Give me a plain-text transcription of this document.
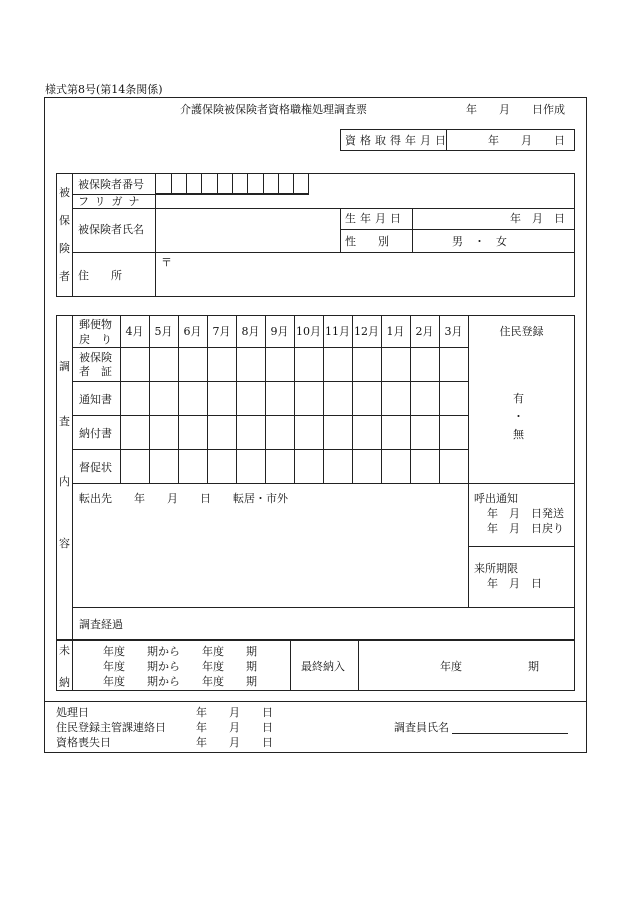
様式第8号(第14条関係)
介護保険被保険者資格職権処理調査票	年　　月　　日作成
資格取得年月日	年　　月　　日
被
保
険
者
被保険者番号
フリガナ
被保険者氏名
生年月日	年　月　日
性　　別	男　・　女
住　　所
〒
調
査
内
容
郵便物
戻　り
4月	5月	6月	7月	8月	9月 10月 11月 12月 1月	2月	3月	住民登録
被保険
者　証
通知書
納付書
督促状
有
・
無
転出先　　年　　月　　日　　転居・市外	呼出通知
年　月　日発送
年　月　日戻り
来所期限
年　月　日
調査経過
未
納
年度　　期から　　年度　　期
年度　　期から　　年度　　期
年度　　期から　　年度　　期
最終納入	年度　　　　　　期
処理日	年　　月　　日
住民登録主管課連絡日	年　　月　　日
資格喪失日	年　　月　　日
調査員氏名
